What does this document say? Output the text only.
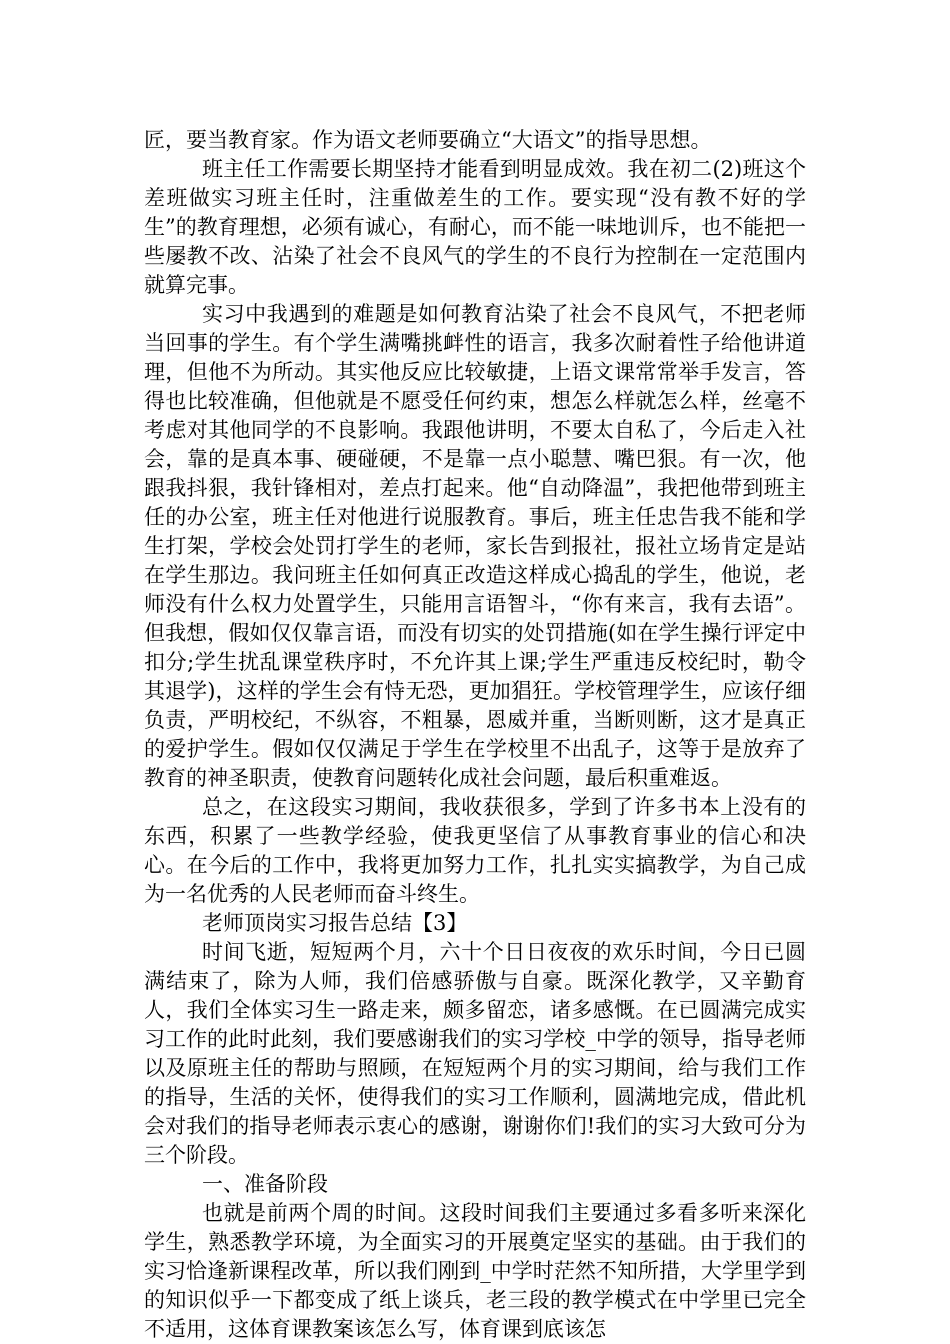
匠，要当教育家。作为语文老师要确立“大语文”的指导思想。

班主任工作需要长期坚持才能看到明显成效。我在初二(2)班这个差班做实习班主任时，注重做差生的工作。要实现“没有教不好的学生”的教育理想，必须有诚心，有耐心，而不能一味地训斥，也不能把一些屡教不改、沾染了社会不良风气的学生的不良行为控制在一定范围内就算完事。

实习中我遇到的难题是如何教育沾染了社会不良风气，不把老师当回事的学生。有个学生满嘴挑衅性的语言，我多次耐着性子给他讲道理，但他不为所动。其实他反应比较敏捷，上语文课常常举手发言，答得也比较准确，但他就是不愿受任何约束，想怎么样就怎么样，丝毫不考虑对其他同学的不良影响。我跟他讲明，不要太自私了，今后走入社会，靠的是真本事、硬碰硬，不是靠一点小聪慧、嘴巴狠。有一次，他跟我抖狠，我针锋相对，差点打起来。他“自动降温”，我把他带到班主任的办公室，班主任对他进行说服教育。事后，班主任忠告我不能和学生打架，学校会处罚打学生的老师，家长告到报社，报社立场肯定是站在学生那边。我问班主任如何真正改造这样成心捣乱的学生，他说，老师没有什么权力处置学生，只能用言语智斗，“你有来言，我有去语”。但我想，假如仅仅靠言语，而没有切实的处罚措施(如在学生操行评定中扣分;学生扰乱课堂秩序时，不允许其上课;学生严重违反校纪时，勒令其退学)，这样的学生会有恃无恐，更加猖狂。学校管理学生，应该仔细负责，严明校纪，不纵容，不粗暴，恩威并重，当断则断，这才是真正的爱护学生。假如仅仅满足于学生在学校里不出乱子，这等于是放弃了教育的神圣职责，使教育问题转化成社会问题，最后积重难返。

总之，在这段实习期间，我收获很多，学到了许多书本上没有的东西，积累了一些教学经验，使我更坚信了从事教育事业的信心和决心。在今后的工作中，我将更加努力工作，扎扎实实搞教学，为自己成为一名优秀的人民老师而奋斗终生。

老师顶岗实习报告总结【3】

时间飞逝，短短两个月，六十个日日夜夜的欢乐时间，今日已圆满结束了，除为人师，我们倍感骄傲与自豪。既深化教学，又辛勤育人，我们全体实习生一路走来，颇多留恋，诸多感慨。在已圆满完成实习工作的此时此刻，我们要感谢我们的实习学校_中学的领导，指导老师以及原班主任的帮助与照顾，在短短两个月的实习期间，给与我们工作的指导，生活的关怀，使得我们的实习工作顺利，圆满地完成，借此机会对我们的指导老师表示衷心的感谢，谢谢你们!我们的实习大致可分为三个阶段。

一、准备阶段

也就是前两个周的时间。这段时间我们主要通过多看多听来深化学生，熟悉教学环境，为全面实习的开展奠定坚实的基础。由于我们的实习恰逢新课程改革，所以我们刚到_中学时茫然不知所措，大学里学到的知识似乎一下都变成了纸上谈兵，老三段的教学模式在中学里已完全不适用，这体育课教案该怎么写，体育课到底该怎
